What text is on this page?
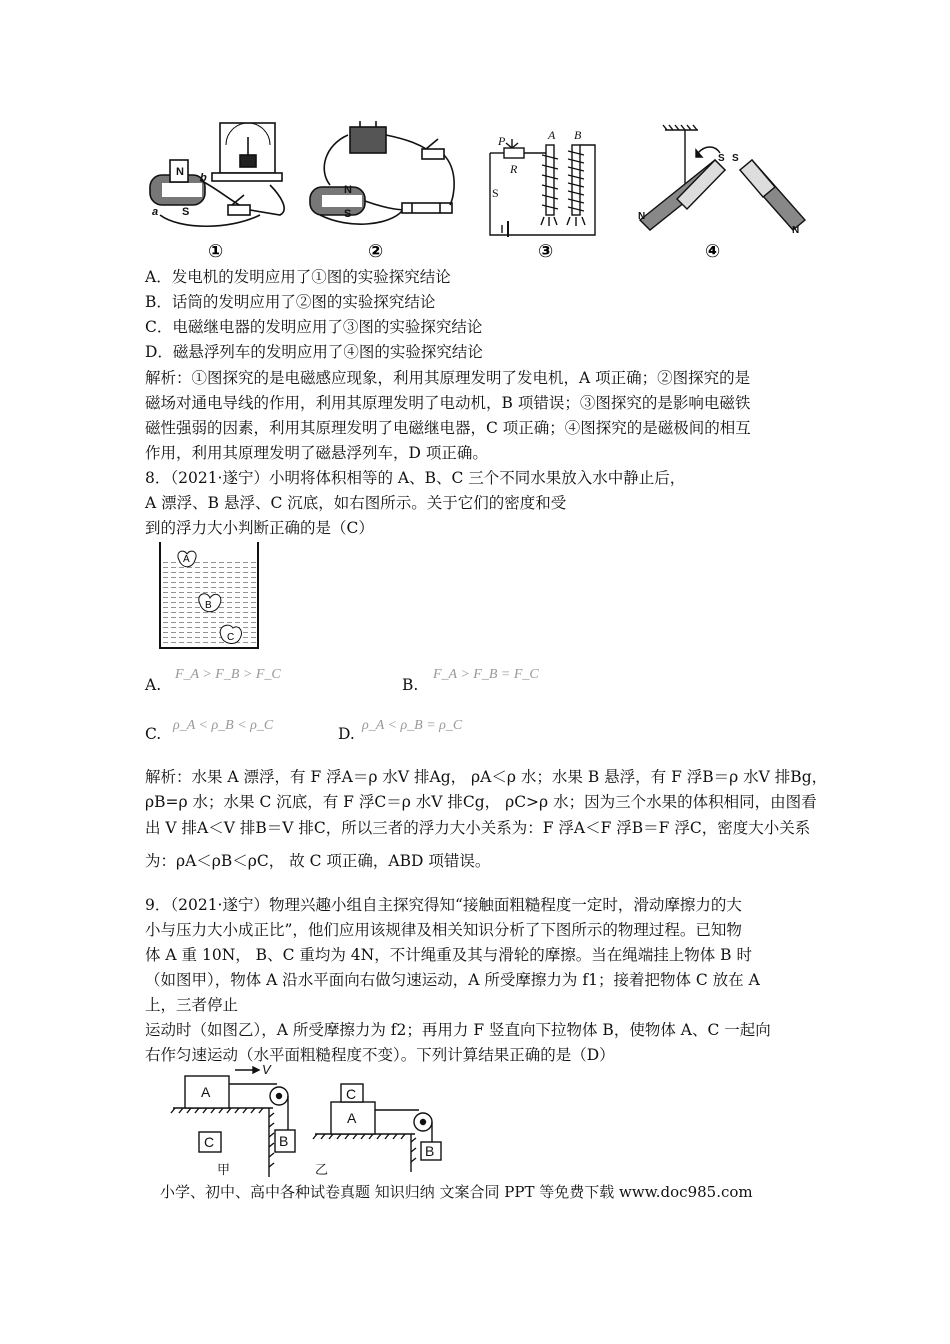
N b
S
a
①
N
S
②
P	A B
R
S
③
S S
N
N
④
A．发电机的发明应用了①图的实验探究结论
B．话筒的发明应用了②图的实验探究结论
C．电磁继电器的发明应用了③图的实验探究结论
D．磁悬浮列车的发明应用了④图的实验探究结论
解析：①图探究的是电磁感应现象，利用其原理发明了发电机，A 项正确；②图探究的是
磁场对通电导线的作用，利用其原理发明了电动机，B 项错误；③图探究的是影响电磁铁
磁性强弱的因素，利用其原理发明了电磁继电器，C 项正确；④图探究的是磁极间的相互
作用，利用其原理发明了磁悬浮列车，D 项正确。
8．（2021·遂宁）小明将体积相等的 A、B、C 三个不同水果放入水中静止后，
A 漂浮、B 悬浮、C 沉底，如右图所示。关于它们的密度和受
到的浮力大小判断正确的是（C）
A
B
C
A.
F_A > F_B > F_C
B.
F_A > F_B = F_C
C. ρ_A < ρ_B < ρ_C	D. ρ_A < ρ_B = ρ_C
解析：水果 A 漂浮，有 F 浮A＝ρ 水V 排Ag， ρA＜ρ 水；水果 B 悬浮，有 F 浮B＝ρ 水V 排Bg，
ρB=ρ 水；水果 C 沉底，有 F 浮C＝ρ 水V 排Cg， ρC>ρ 水；因为三个水果的体积相同，由图看
出 V 排A＜V 排B＝V 排C，所以三者的浮力大小关系为：F 浮A＜F 浮B＝F 浮C，密度大小关系
为：ρA＜ρB＜ρC， 故 C 项正确，ABD 项错误。
9．（2021·遂宁）物理兴趣小组自主探究得知“接触面粗糙程度一定时，滑动摩擦力的大
小与压力大小成正比”，他们应用该规律及相关知识分析了下图所示的物理过程。已知物
体 A 重 10N， B、C 重均为 4N，不计绳重及其与滑轮的摩擦。当在绳端挂上物体 B 时
（如图甲），物体 A 沿水平面向右做匀速运动，A 所受摩擦力为 f1；接着把物体 C 放在 A
上，三者停止
运动时（如图乙），A 所受摩擦力为 f2；再用力 F 竖直向下拉物体 B，使物体 A、C 一起向
右作匀速运动（水平面粗糙程度不变）。下列计算结果正确的是（D）
A
V
B
C
甲
C
A
B
乙
小学、初中、高中各种试卷真题 知识归纳 文案合同 PPT 等免费下载 www.doc985.com
